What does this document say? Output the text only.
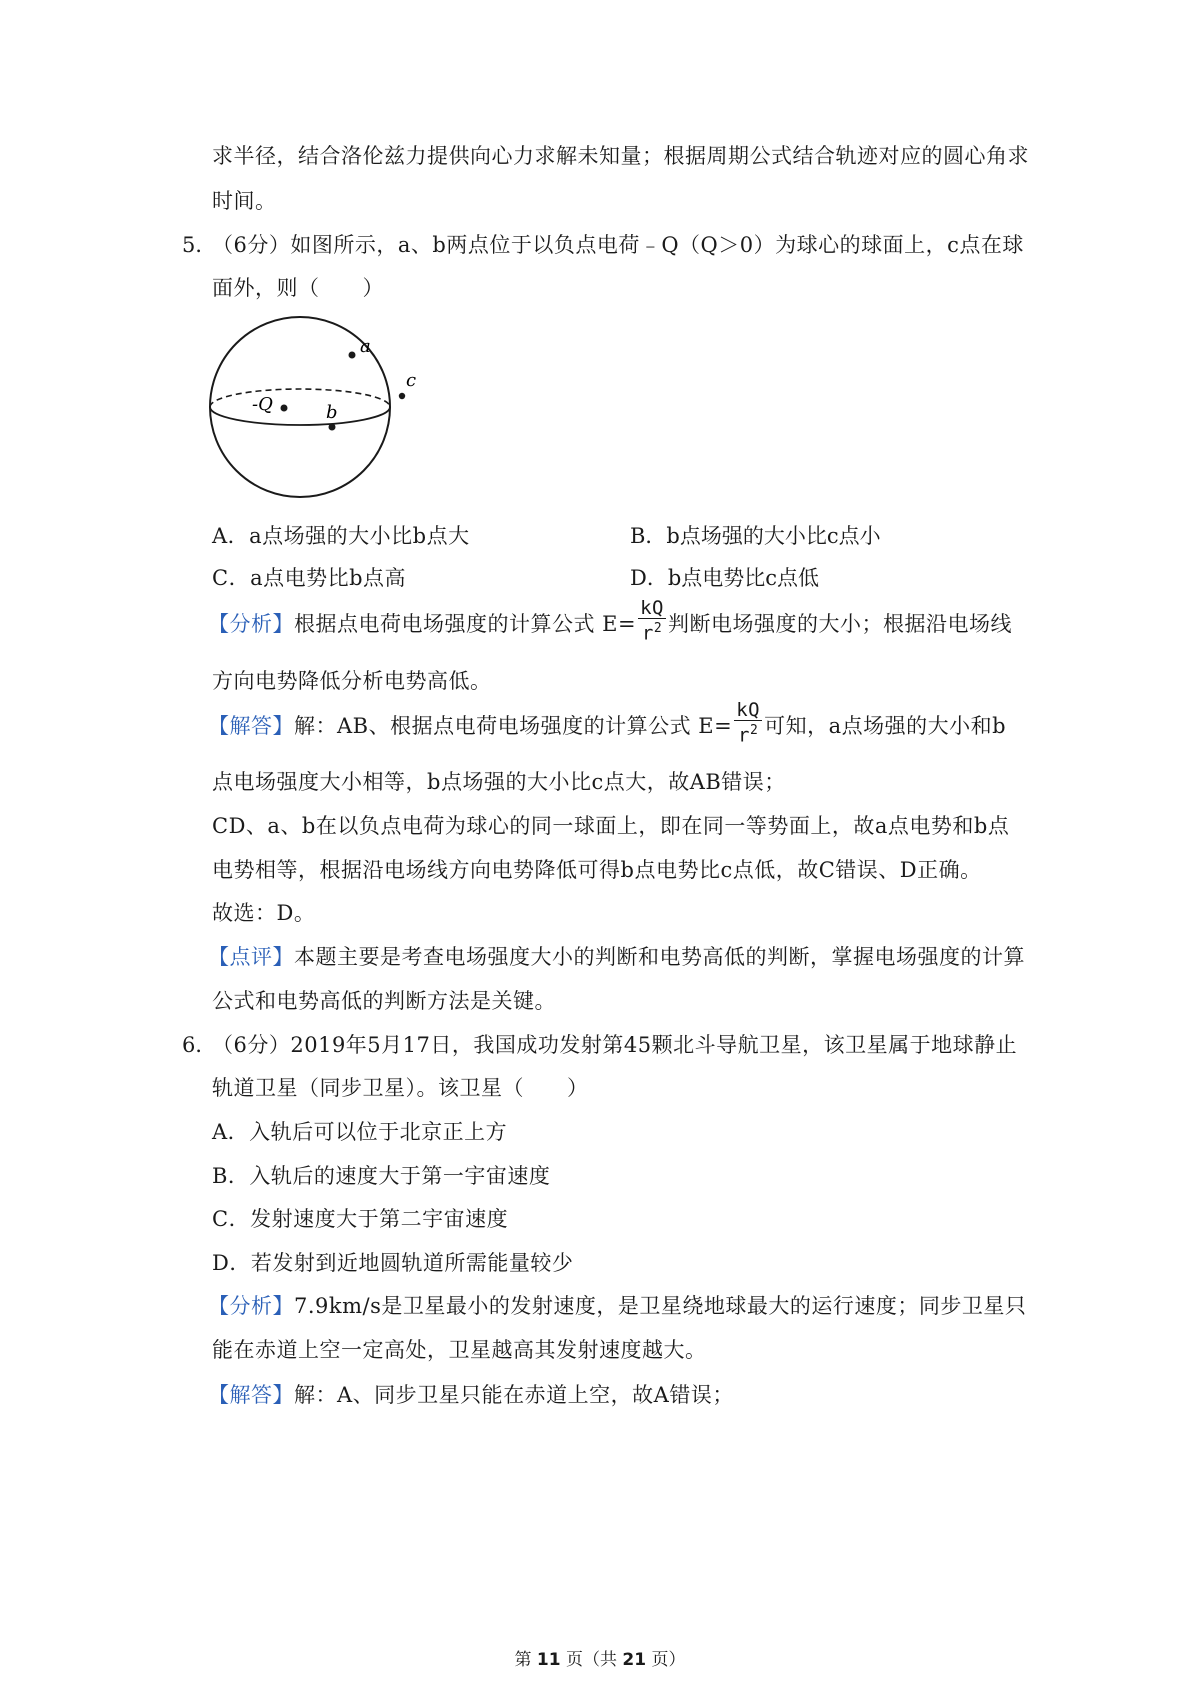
求半径，结合洛伦兹力提供向心力求解未知量；根据周期公式结合轨迹对应的圆心角求
时间。
5．
（6分）如图所示，a、b两点位于以负点电荷﹣Q（Q＞0）为球心的球面上，c点在球
面外，则（　　）
a
c
-Q	b
A．a点场强的大小比b点大	B．b点场强的大小比c点小
C．a点电势比b点高	D．b点电势比c点低
【分析】根据点电荷电场强度的计算公式 $E= \frac{kQ}{r^2}$ 判断电场强度的大小；根据沿电场线
方向电势降低分析电势高低。
【解答】解：AB、根据点电荷电场强度的计算公式 $E= \frac{kQ}{r^2}$ 可知，a点场强的大小和b
点电场强度大小相等，b点场强的大小比c点大，故AB错误；
CD、a、b在以负点电荷为球心的同一球面上，即在同一等势面上，故a点电势和b点
电势相等，根据沿电场线方向电势降低可得b点电势比c点低，故C错误、D正确。
故选：D。
【点评】本题主要是考查电场强度大小的判断和电势高低的判断，掌握电场强度的计算
公式和电势高低的判断方法是关键。
6．
（6分）2019年5月17日，我国成功发射第45颗北斗导航卫星，该卫星属于地球静止
轨道卫星（同步卫星）。该卫星（　　）
A．入轨后可以位于北京正上方
B．入轨后的速度大于第一宇宙速度
C．发射速度大于第二宇宙速度
D．若发射到近地圆轨道所需能量较少
【分析】7.9km/s是卫星最小的发射速度，是卫星绕地球最大的运行速度；同步卫星只
能在赤道上空一定高处，卫星越高其发射速度越大。
【解答】解：A、同步卫星只能在赤道上空，故A错误；
第 11 页（共 21 页）
